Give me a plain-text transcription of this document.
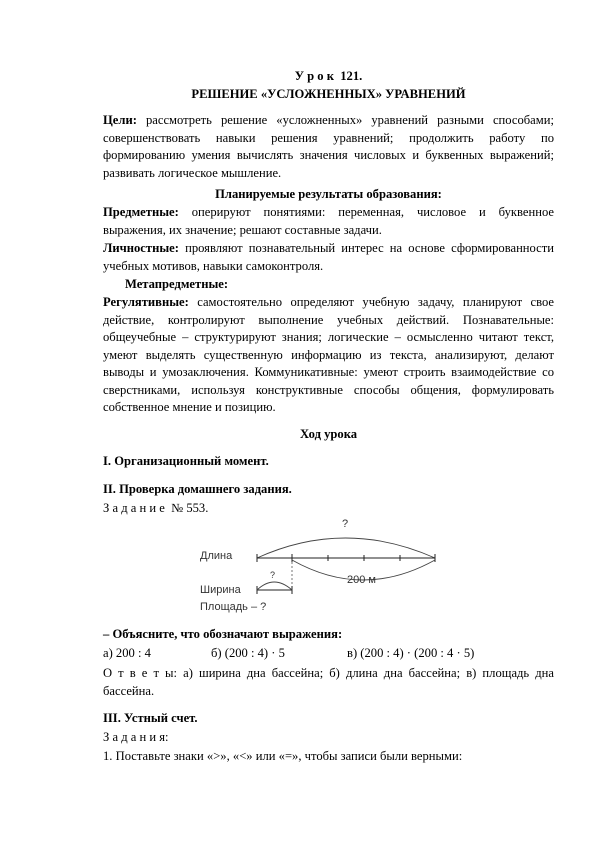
У р о к  121.
РЕШЕНИЕ «УСЛОЖНЕННЫХ» УРАВНЕНИЙ
Цели: рассмотреть решение «усложненных» уравнений разными способами; совершенствовать навыки решения уравнений; продолжить работу по формированию умения вычислять значения числовых и буквенных выражений; развивать логическое мышление.
Планируемые результаты образования:
Предметные: оперируют понятиями: переменная, числовое и буквенное выражения, их значение; решают составные задачи.
Личностные: проявляют познавательный интерес на основе сформированности учебных мотивов, навыки самоконтроля.
Метапредметные:
Регулятивные: самостоятельно определяют учебную задачу, планируют свое действие, контролируют выполнение учебных действий. Познавательные: общеучебные – структурируют знания; логические – осмысленно читают текст, умеют выделять существенную информацию из текста, анализируют, делают выводы и умозаключения. Коммуникативные: умеют строить взаимодействие со сверстниками, используя конструктивные способы общения, формулировать собственное мнение и позицию.
Ход урока
I. Организационный момент.
II. Проверка домашнего задания.
З а д а н и е  № 553.
?
Длина
200 м
?
Ширина
Площадь – ?
– Объясните, что обозначают выражения:
а) 200 : 4	б) (200 : 4) · 5	в) (200 : 4) · (200 : 4 · 5)
О т в е т ы: а) ширина дна бассейна; б) длина дна бассейна; в) площадь дна бассейна.
III. Устный счет.
З а д а н и я:
1. Поставьте знаки «>», «<» или «=», чтобы записи были верными:
